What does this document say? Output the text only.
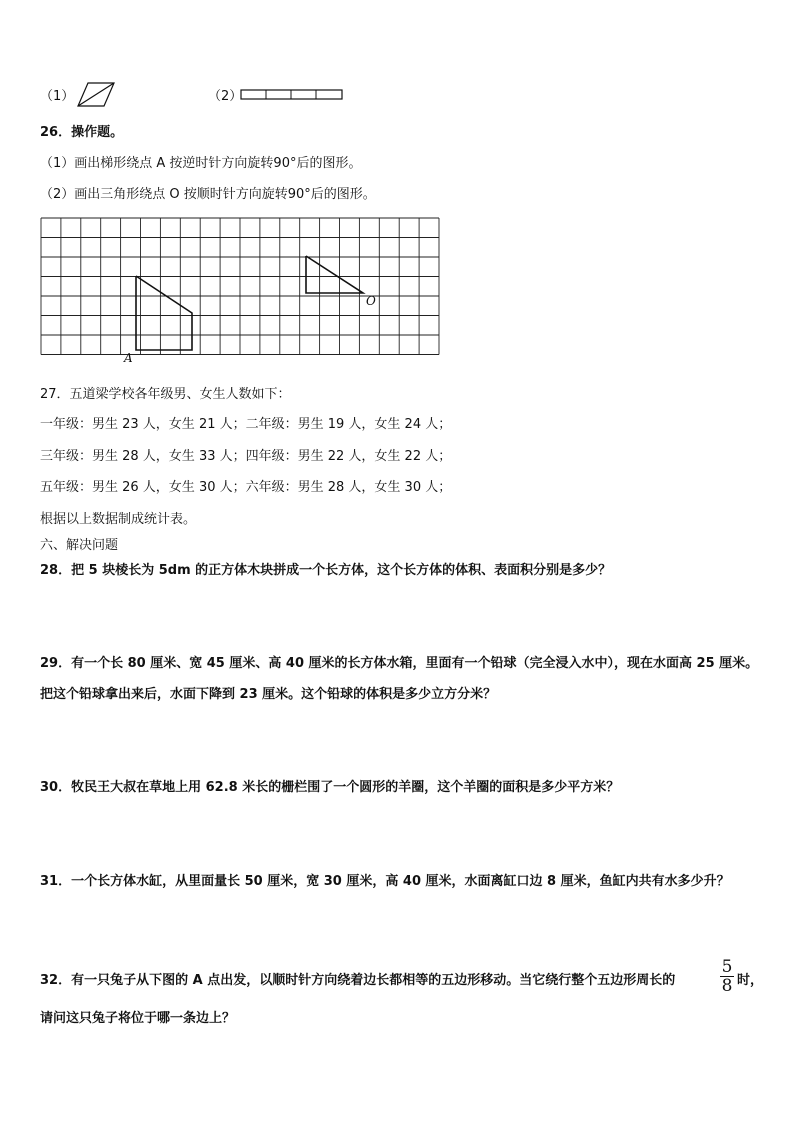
（1）	（2）
26．操作题。
（1）画出梯形绕点 A 按逆时针方向旋转90°后的图形。
（2）画出三角形绕点 O 按顺时针方向旋转90°后的图形。
A
O
27．五道梁学校各年级男、女生人数如下：
一年级：男生 23 人，女生 21 人；二年级：男生 19 人，女生 24 人；
三年级：男生 28 人，女生 33 人；四年级：男生 22 人，女生 22 人；
五年级：男生 26 人，女生 30 人；六年级：男生 28 人，女生 30 人；
根据以上数据制成统计表。
六、解决问题
28．把 5 块棱长为 5dm 的正方体木块拼成一个长方体，这个长方体的体积、表面积分别是多少？
29．有一个长 80 厘米、宽 45 厘米、高 40 厘米的长方体水箱，里面有一个铅球（完全浸入水中），现在水面高 25 厘米。
把这个铅球拿出来后，水面下降到 23 厘米。这个铅球的体积是多少立方分米？
30．牧民王大叔在草地上用 62.8 米长的栅栏围了一个圆形的羊圈，这个羊圈的面积是多少平方米？
31．一个长方体水缸，从里面量长 50 厘米，宽 30 厘米，高 40 厘米，水面离缸口边 8 厘米，鱼缸内共有水多少升？
32．有一只兔子从下图的 A 点出发，以顺时针方向绕着边长都相等的五边形移动。当它绕行整个五边形周长的
5
8 时，
请问这只兔子将位于哪一条边上？
